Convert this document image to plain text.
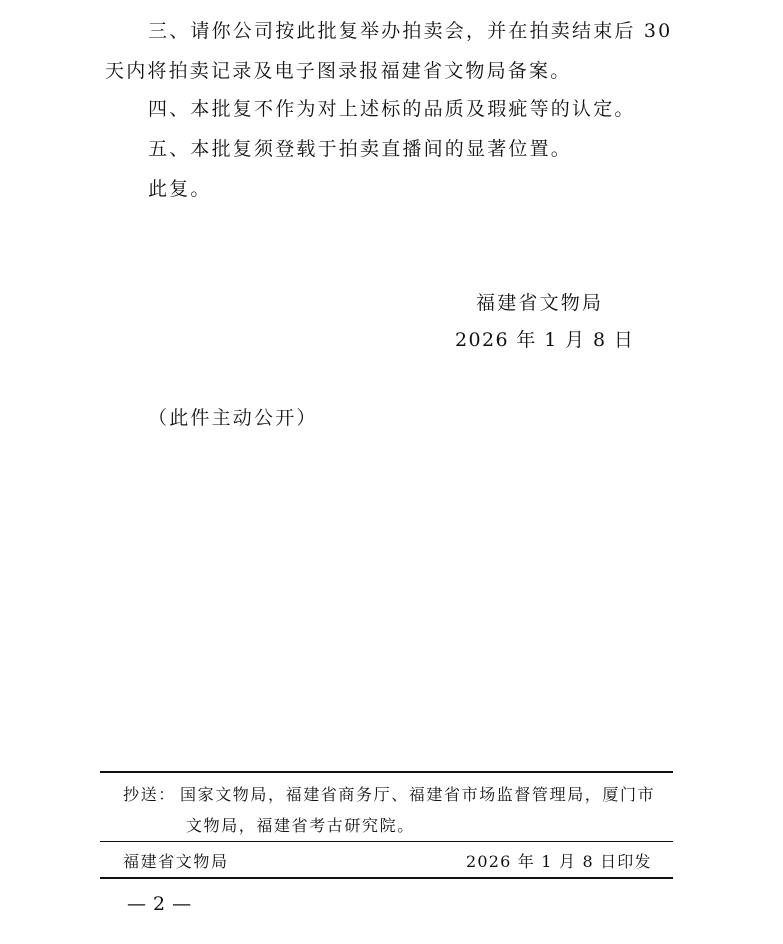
三、请你公司按此批复举办拍卖会，并在拍卖结束后 30

天内将拍卖记录及电子图录报福建省文物局备案。

四、本批复不作为对上述标的品质及瑕疵等的认定。

五、本批复须登载于拍卖直播间的显著位置。

此复。

福建省文物局

2026 年 1 月 8 日

（此件主动公开）

抄送： 国家文物局，福建省商务厅、福建省市场监督管理局，厦门市

文物局，福建省考古研究院。

福建省文物局	2026 年 1 月 8 日印发

— 2 —
